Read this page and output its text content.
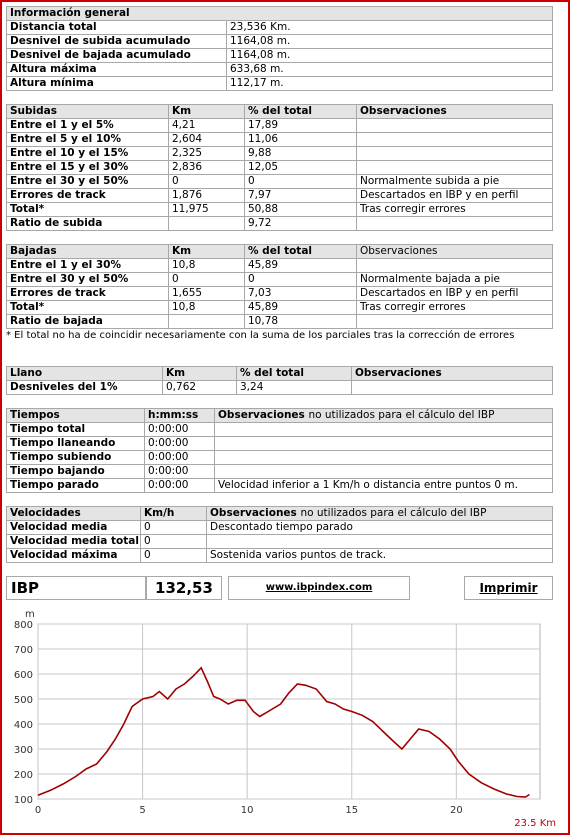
Información general	
Distancia total	23,536 Km.
Desnivel de subida acumulado	1164,08 m.
Desnivel de bajada acumulado	1164,08 m.
Altura máxima	633,68 m.
Altura mínima	112,17 m.
Subidas	Km	% del total	Observaciones
Entre el 1 y el 5%	4,21	17,89	
Entre el 5 y el 10%	2,604	11,06	
Entre el 10 y el 15%	2,325	9,88	
Entre el 15 y el 30%	2,836	12,05	
Entre el 30 y el 50%	0	0	Normalmente subida a pie
Errores de track	1,876	7,97	Descartados en IBP y en perfil
Total*	11,975	50,88	Tras corregir errores
Ratio de subida		9,72	
Bajadas	Km	% del total	Observaciones
Entre el 1 y el 30%	10,8	45,89	
Entre el 30 y el 50%	0	0	Normalmente bajada a pie
Errores de track	1,655	7,03	Descartados en IBP y en perfil
Total*	10,8	45,89	Tras corregir errores
Ratio de bajada		10,78	
* El total no ha de coincidir necesariamente con la suma de los parciales tras la corrección de errores
Llano	Km	% del total	Observaciones
Desniveles del 1%	0,762	3,24	
Tiempos	h:mm:ss	Observaciones no utilizados para el cálculo del IBP
Tiempo total	0:00:00	
Tiempo llaneando	0:00:00	
Tiempo subiendo	0:00:00	
Tiempo bajando	0:00:00	
Tiempo parado	0:00:00	Velocidad inferior a 1 Km/h o distancia entre puntos 0 m.
Velocidades	Km/h	Observaciones no utilizados para el cálculo del IBP
Velocidad media	0	Descontado tiempo parado
Velocidad media total	0	
Velocidad máxima	0	Sostenida varios puntos de track.
IBP	132,53	www.ibpindex.com	Imprimir
100
200
300
400
500
600
700
800
0	5	10	15	20
m
23.5 Km
